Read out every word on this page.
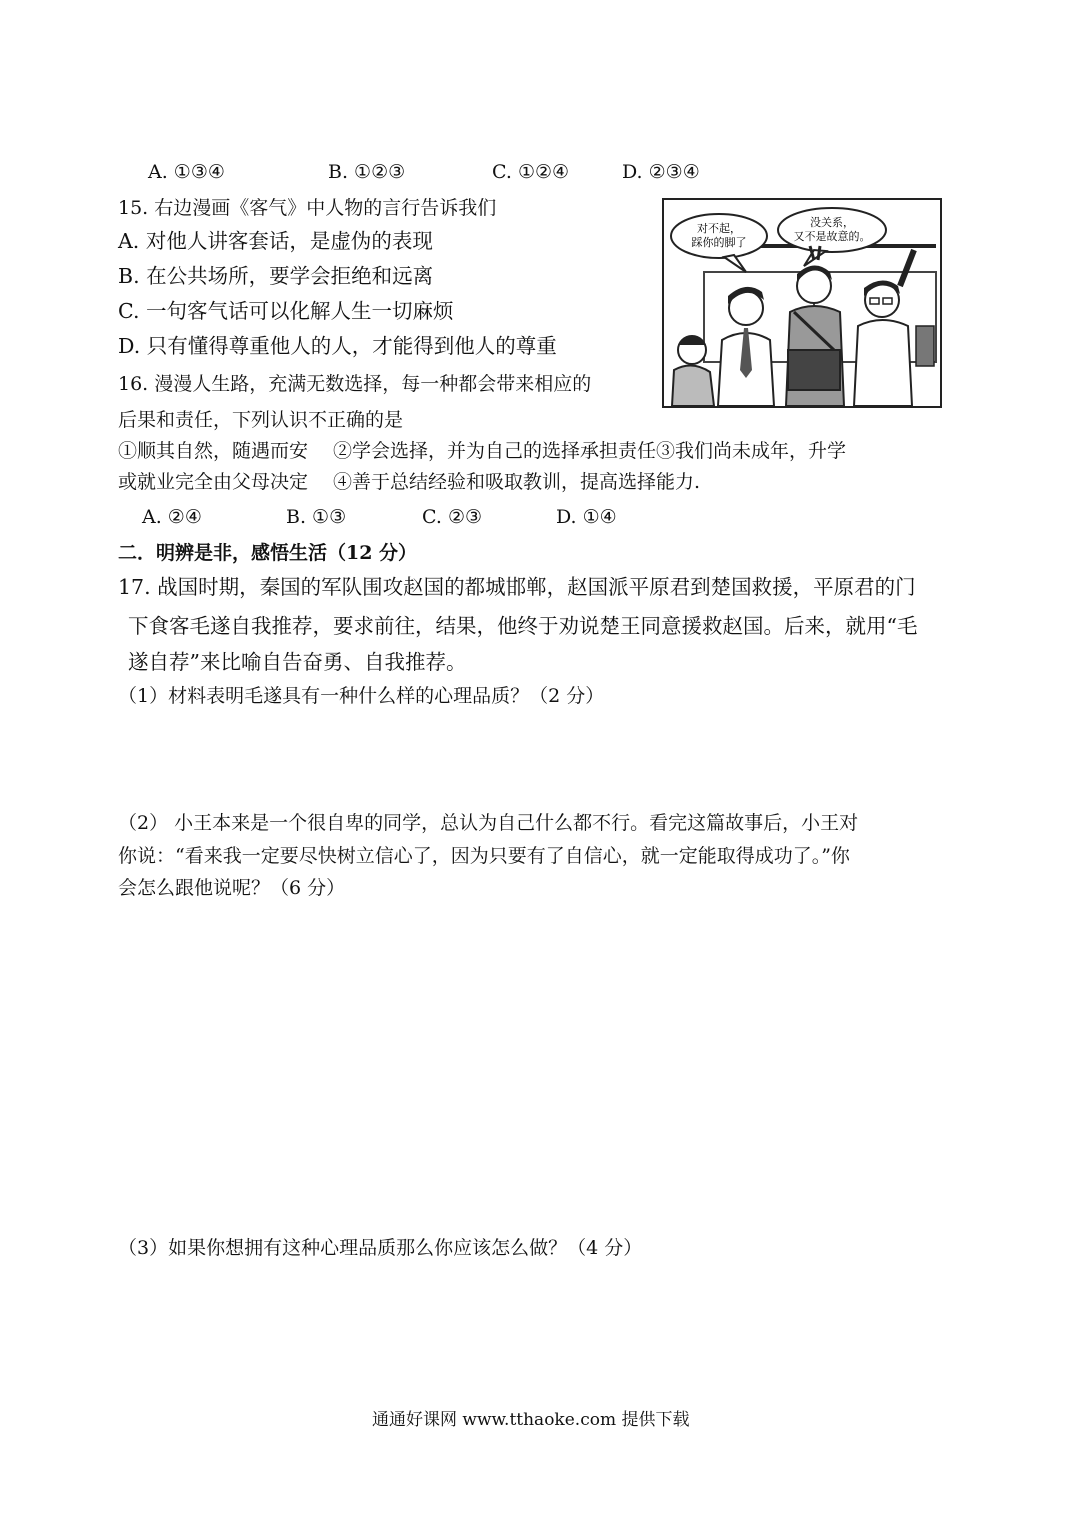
A. ①③④	B. ①②③	C. ①②④	D. ②③④
15. 右边漫画《客气》中人物的言行告诉我们
A. 对他人讲客套话，是虚伪的表现
B. 在公共场所，要学会拒绝和远离
C. 一句客气话可以化解人生一切麻烦
D. 只有懂得尊重他人的人，才能得到他人的尊重
对不起，
踩你的脚了
没关系，
又不是故意的。
16. 漫漫人生路，充满无数选择，每一种都会带来相应的
后果和责任，下列认识不正确的是
①顺其自然，随遇而安　 ②学会选择，并为自己的选择承担责任③我们尚未成年，升学
或就业完全由父母决定　 ④善于总结经验和吸取教训，提高选择能力.
A. ②④	B. ①③	C. ②③	D. ①④
二．明辨是非，感悟生活（12 分）
17. 战国时期，秦国的军队围攻赵国的都城邯郸，赵国派平原君到楚国救援，平原君的门
下食客毛遂自我推荐，要求前往，结果，他终于劝说楚王同意援救赵国。后来，就用“毛
遂自荐”来比喻自告奋勇、自我推荐。
（1）材料表明毛遂具有一种什么样的心理品质？（2 分）
（2） 小王本来是一个很自卑的同学，总认为自己什么都不行。看完这篇故事后，小王对
你说：“看来我一定要尽快树立信心了，因为只要有了自信心，就一定能取得成功了。”你
会怎么跟他说呢？（6 分）
（3）如果你想拥有这种心理品质那么你应该怎么做？（4 分）
通通好课网 www.tthaoke.com 提供下载
